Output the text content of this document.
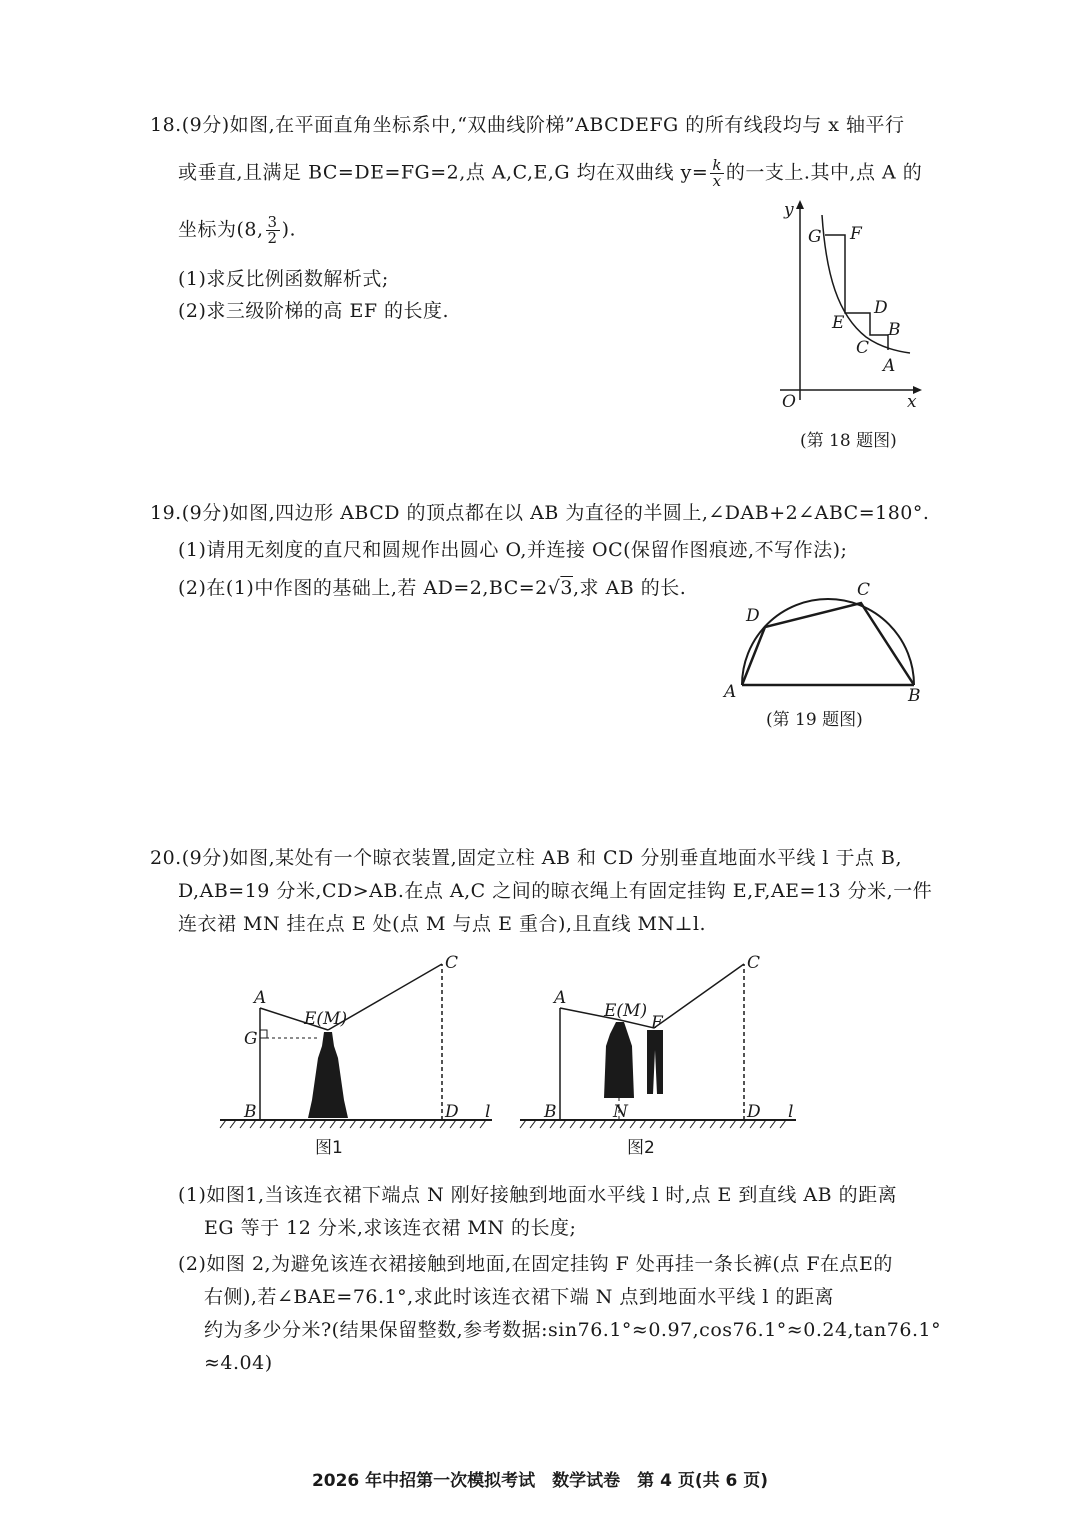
18.(9分)如图,在平面直角坐标系中,“双曲线阶梯”ABCDEFG 的所有线段均与 x 轴平行
或垂直,且满足 BC=DE=FG=2,点 A,C,E,G 均在双曲线 $y= \frac{k}{x}$ 的一支上.其中,点 A 的
坐标为(8, $\frac{3}{2}$ ).
(1)求反比例函数解析式;
(2)求三级阶梯的高 EF 的长度.
G F
D
E	B
C
A
O	x
y
(第 18 题图)
19.(9分)如图,四边形 ABCD 的顶点都在以 AB 为直径的半圆上,∠DAB+2∠ABC=180°.
(1)请用无刻度的直尺和圆规作出圆心 O,并连接 OC(保留作图痕迹,不写作法);
(2)在(1)中作图的基础上,若 AD=2,BC=2√3,求 AB 的长.
A	B
C
D
(第 19 题图)
20.(9分)如图,某处有一个晾衣装置,固定立柱 AB 和 CD 分别垂直地面水平线 l 于点 B,
D,AB=19 分米,CD>AB.在点 A,C 之间的晾衣绳上有固定挂钩 E,F,AE=13 分米,一件
连衣裙 MN 挂在点 E 处(点 M 与点 E 重合),且直线 MN⊥l.
A
G
E(M)
C
B	D l
图1
A
E(M)
F
C
B	N	D l
图2
(1)如图1,当该连衣裙下端点 N 刚好接触到地面水平线 l 时,点 E 到直线 AB 的距离
EG 等于 12 分米,求该连衣裙 MN 的长度;
(2)如图 2,为避免该连衣裙接触到地面,在固定挂钩 F 处再挂一条长裤(点 F在点E的
右侧),若∠BAE=76.1°,求此时该连衣裙下端 N 点到地面水平线 l 的距离
约为多少分米?(结果保留整数,参考数据:sin76.1°≈0.97,cos76.1°≈0.24,tan76.1°
≈4.04)
2026 年中招第一次模拟考试　数学试卷　第 4 页(共 6 页)
